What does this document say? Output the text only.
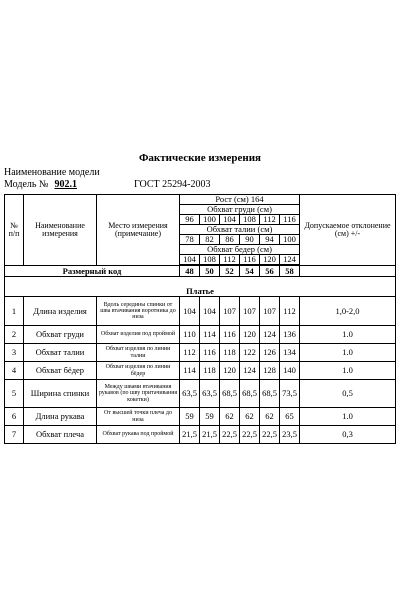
Фактические измерения
Наименование модели
Модель № 902.1	ГОСТ 25294-2003
№ п/п	Наименование измерения	Место измерения (примечание)	Рост (см) 164						Допускаемое отклонение (см) +/-
			Обхват груди (см)						
			96	100	104	108	112	116	
			Обхват талии (см)						
			78	82	86	90	94	100	
			Обхват бедер (см)						
			104	108	112	116	120	124	

Размерный код			48	50	52	54	56	58	
Платье									
1	Длина изделия	Вдоль середины спинки от шва втачивания воротника до низа	104	104	107	107	107	112	1,0-2,0
2	Обхват груди	Обхват изделия под проймой	110	114	116	120	124	136	1.0
3	Обхват талии	Обхват изделия по линии талии	112	116	118	122	126	134	1.0
4	Обхват бёдер	Обхват изделия по линии бёдер	114	118	120	124	128	140	1.0
5	Ширина спинки	Между швами втачивания рукавов (по шву притачивания кокетки)	63,5	63,5	68,5	68,5	68,5	73,5	0,5
6	Длина рукава	От высшей точки плеча до низа	59	59	62	62	62	65	1.0
7	Обхват плеча	Обхват рукава под проймой	21,5	21,5	22,5	22,5	22,5	23,5	0,3
